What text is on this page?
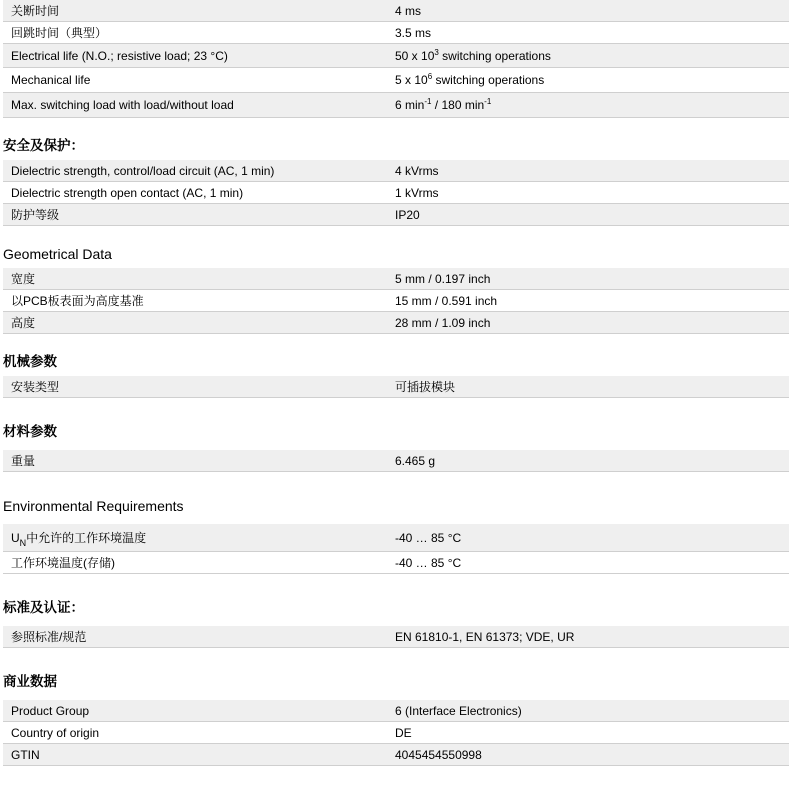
关断时间	4 ms
回跳时间（典型）	3.5 ms
Electrical life (N.O.; resistive load; 23 °C)	50 x $10^3$ switching operations
Mechanical life	5 x $10^6$ switching operations
Max. switching load with load/without load	6 $\min^{-1} / 180$ $\min^{-1}$
安全及保护：
Dielectric strength, control/load circuit (AC, 1 min)	4 kVrms
Dielectric strength open contact (AC, 1 min)	1 kVrms
防护等级	IP20
Geometrical Data
宽度	5 mm / 0.197 inch
以PCB板表面为高度基准	15 mm / 0.591 inch
高度	28 mm / 1.09 inch
机械参数
安装类型	可插拔模块
材料参数
重量	6.465 g
Environmental Requirements
$U_N$中允许的工作环境温度	-40 … 85 °C
工作环境温度(存储)	-40 … 85 °C
标准及认证：
参照标准/规范	EN 61810-1, EN 61373; VDE, UR
商业数据
Product Group	6 (Interface Electronics)
Country of origin	DE
GTIN	4045454550998
